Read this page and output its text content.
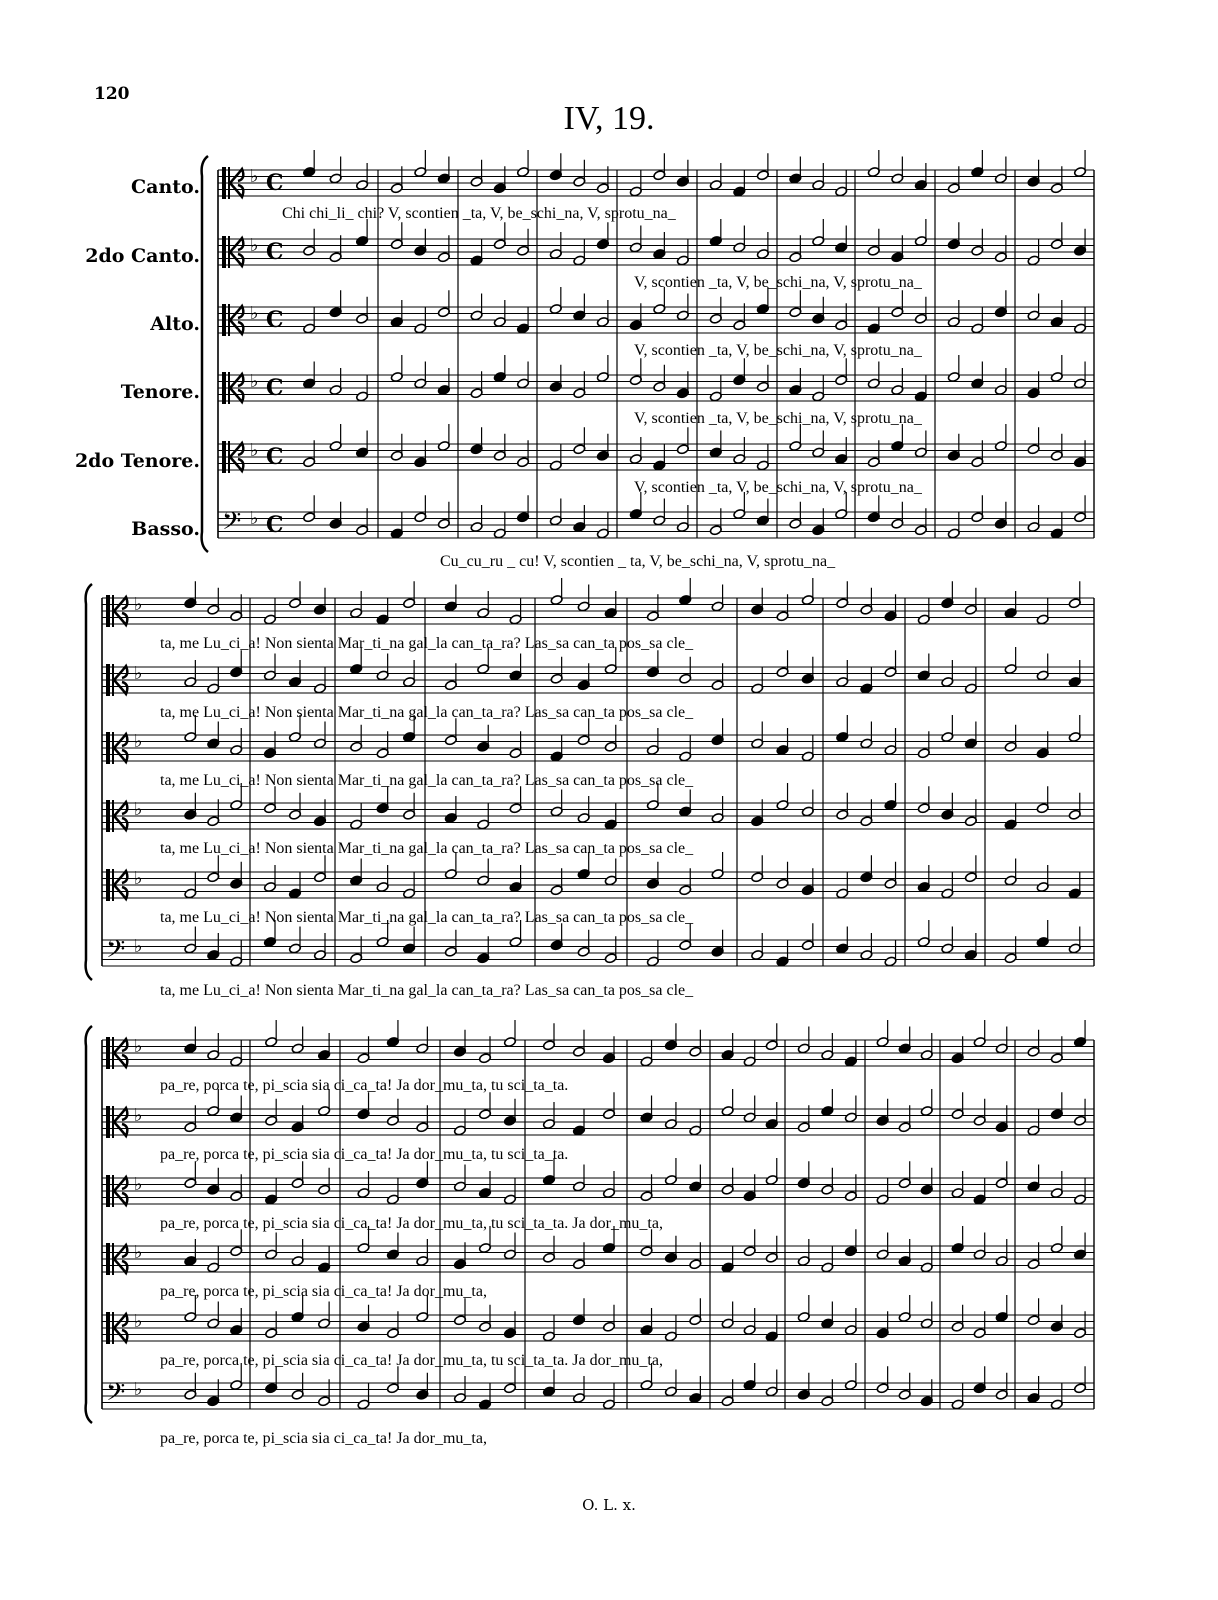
120
IV, 19.
Canto.
2do Canto.
Alto.
Tenore.
2do Tenore.
Basso.
♭ C
♭ C
♭ C
♭ C
♭ C
𝄢 ♭ C
Chi chi_li_ chi? V, scontien _ta, V, be_schi_na, V, sprotu_na_
V, scontien _ta, V, be_schi_na, V, sprotu_na_
V, scontien _ta, V, be_schi_na, V, sprotu_na_
V, scontien _ta, V, be_schi_na, V, sprotu_na_
V, scontien _ta, V, be_schi_na, V, sprotu_na_
Cu_cu_ru _ cu! V, scontien _ ta, V, be_schi_na, V, sprotu_na_
♭
♭
♭
♭
♭
𝄢 ♭
ta, me Lu_ci_a! Non sienta Mar_ti_na gal_la can_ta_ra? Las_sa can_ta pos_sa cle_
ta, me Lu_ci_a! Non sienta Mar_ti_na gal_la can_ta_ra? Las_sa can_ta pos_sa cle_
ta, me Lu_ci_a! Non sienta Mar_ti_na gal_la can_ta_ra? Las_sa can_ta pos_sa cle_
ta, me Lu_ci_a! Non sienta Mar_ti_na gal_la can_ta_ra? Las_sa can_ta pos_sa cle_
ta, me Lu_ci_a! Non sienta Mar_ti_na gal_la can_ta_ra? Las_sa can_ta pos_sa cle_
ta, me Lu_ci_a! Non sienta Mar_ti_na gal_la can_ta_ra? Las_sa can_ta pos_sa cle_
♭
♭
♭
♭
♭
𝄢 ♭
pa_re, porca te, pi_scia sia ci_ca_ta! Ja dor_mu_ta, tu sci_ta_ta.
pa_re, porca te, pi_scia sia ci_ca_ta! Ja dor_mu_ta, tu sci_ta_ta.
pa_re, porca te, pi_scia sia ci_ca_ta! Ja dor_mu_ta, tu sci_ta_ta. Ja dor_mu_ta,
pa_re, porca te, pi_scia sia ci_ca_ta! Ja dor_mu_ta,
pa_re, porca te, pi_scia sia ci_ca_ta! Ja dor_mu_ta, tu sci_ta_ta. Ja dor_mu_ta,
pa_re, porca te, pi_scia sia ci_ca_ta! Ja dor_mu_ta,
O. L. x.
